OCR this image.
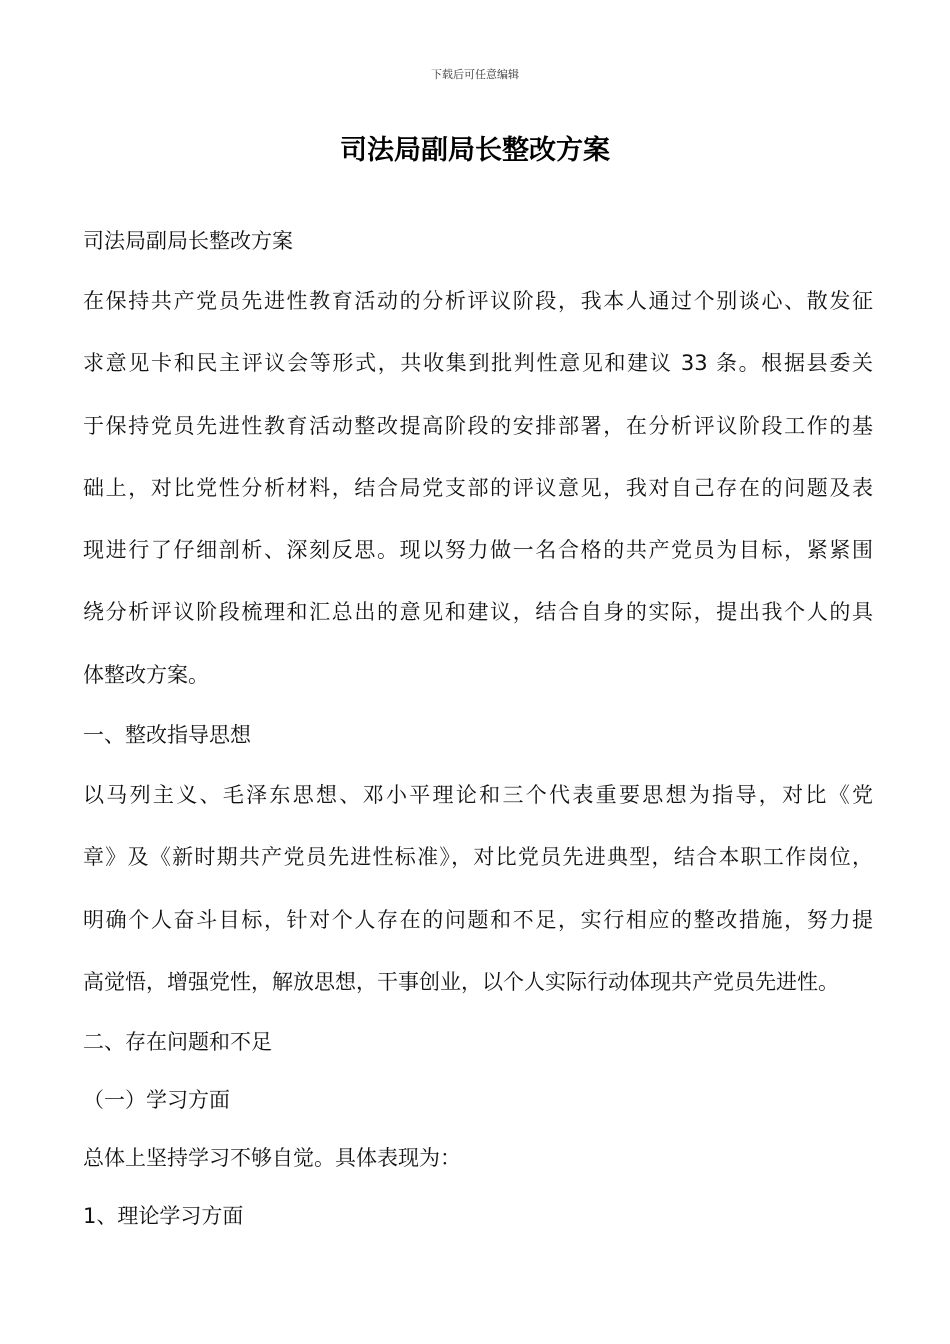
下载后可任意编辑
司法局副局长整改方案

司法局副局长整改方案

在保持共产党员先进性教育活动的分析评议阶段，我本人通过个别谈心、散发征

求意见卡和民主评议会等形式，共收集到批判性意见和建议 33 条。根据县委关

于保持党员先进性教育活动整改提高阶段的安排部署，在分析评议阶段工作的基

础上，对比党性分析材料，结合局党支部的评议意见，我对自己存在的问题及表

现进行了仔细剖析、深刻反思。现以努力做一名合格的共产党员为目标，紧紧围

绕分析评议阶段梳理和汇总出的意见和建议，结合自身的实际，提出我个人的具

体整改方案。

一、整改指导思想

以马列主义、毛泽东思想、邓小平理论和三个代表重要思想为指导，对比《党

章》及《新时期共产党员先进性标准》，对比党员先进典型，结合本职工作岗位，

明确个人奋斗目标，针对个人存在的问题和不足，实行相应的整改措施，努力提

高觉悟，增强党性，解放思想，干事创业，以个人实际行动体现共产党员先进性。

二、存在问题和不足

（一）学习方面

总体上坚持学习不够自觉。具体表现为：

1、理论学习方面
